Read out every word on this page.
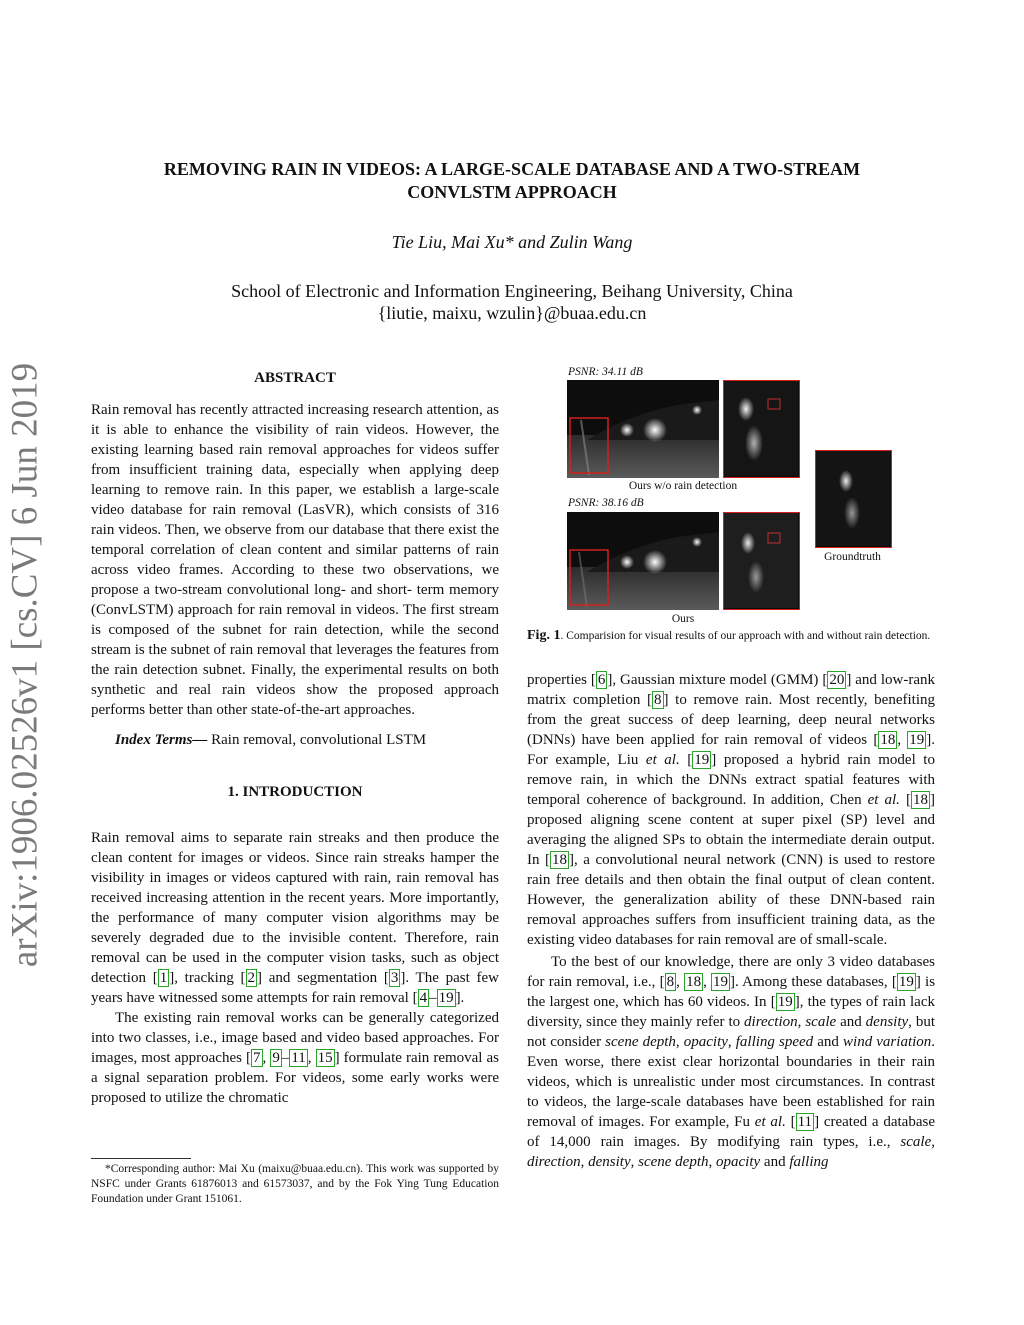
arXiv:1906.02526v1 [cs.CV] 6 Jun 2019
REMOVING RAIN IN VIDEOS: A LARGE-SCALE DATABASE AND A TWO-STREAM
CONVLSTM APPROACH
Tie Liu, Mai Xu* and Zulin Wang
School of Electronic and Information Engineering, Beihang University, China
{liutie, maixu, wzulin}@buaa.edu.cn
ABSTRACT

Rain removal has recently attracted increasing research attention, as it is able to enhance the visibility of rain videos. However, the existing learning based rain removal approaches for videos suffer from insufficient training data, especially when applying deep learning to remove rain. In this paper, we establish a large-scale video database for rain removal (LasVR), which consists of 316 rain videos. Then, we observe from our database that there exist the temporal correlation of clean content and similar patterns of rain across video frames. According to these two observations, we propose a two-stream convolutional long- and short- term memory (ConvLSTM) approach for rain removal in videos. The first stream is composed of the subnet for rain detection, while the second stream is the subnet of rain removal that leverages the features from the rain detection subnet. Finally, the experimental results on both synthetic and real rain videos show the proposed approach performs better than other state-of-the-art approaches.

Index Terms— Rain removal, convolutional LSTM

1. INTRODUCTION

Rain removal aims to separate rain streaks and then produce the clean content for images or videos. Since rain streaks hamper the visibility in images or videos captured with rain, rain removal has received increasing attention in the recent years. More importantly, the performance of many computer vision algorithms may be severely degraded due to the invisible content. Therefore, rain removal can be used in the computer vision tasks, such as object detection [ 1 ], tracking [ 2 ] and segmentation [ 3 ]. The past few years have witnessed some attempts for rain removal [ 4 – 19 ].

The existing rain removal works can be generally categorized into two classes, i.e., image based and video based approaches. For images, most approaches [ 7 , 9 – 11 , 15 ] formulate rain removal as a signal separation problem. For videos, some early works were proposed to utilize the chromatic

*Corresponding author: Mai Xu (maixu@buaa.edu.cn). This work was supported by NSFC under Grants 61876013 and 61573037, and by the Fok Ying Tung Education Foundation under Grant 151061.
PSNR: 34.11 dB
Ours w/o rain detection
PSNR: 38.16 dB
Groundtruth
Ours
Fig. 1. Comparision for visual results of our approach with and without rain detection.

properties [ 6 ], Gaussian mixture model (GMM) [ 20 ] and low-rank matrix completion [ 8 ] to remove rain. Most recently, benefiting from the great success of deep learning, deep neural networks (DNNs) have been applied for rain removal of videos [ 18 , 19 ]. For example, Liu et al. [ 19 ] proposed a hybrid rain model to remove rain, in which the DNNs extract spatial features with temporal coherence of background. In addition, Chen et al. [ 18 ] proposed aligning scene content at super pixel (SP) level and averaging the aligned SPs to obtain the intermediate derain output. In [ 18 ], a convolutional neural network (CNN) is used to restore rain free details and then obtain the final output of clean content. However, the generalization ability of these DNN-based rain removal approaches suffers from insufficient training data, as the existing video databases for rain removal are of small-scale.

To the best of our knowledge, there are only 3 video databases for rain removal, i.e., [ 8 , 18 , 19 ]. Among these databases, [ 19 ] is the largest one, which has 60 videos. In [ 19 ], the types of rain lack diversity, since they mainly refer to direction, scale and density, but not consider scene depth, opacity, falling speed and wind variation. Even worse, there exist clear horizontal boundaries in their rain videos, which is unrealistic under most circumstances. In contrast to videos, the large-scale databases have been established for rain removal of images. For example, Fu et al. [ 11 ] created a database of 14,000 rain images. By modifying rain types, i.e., scale, direction, density, scene depth, opacity and falling
